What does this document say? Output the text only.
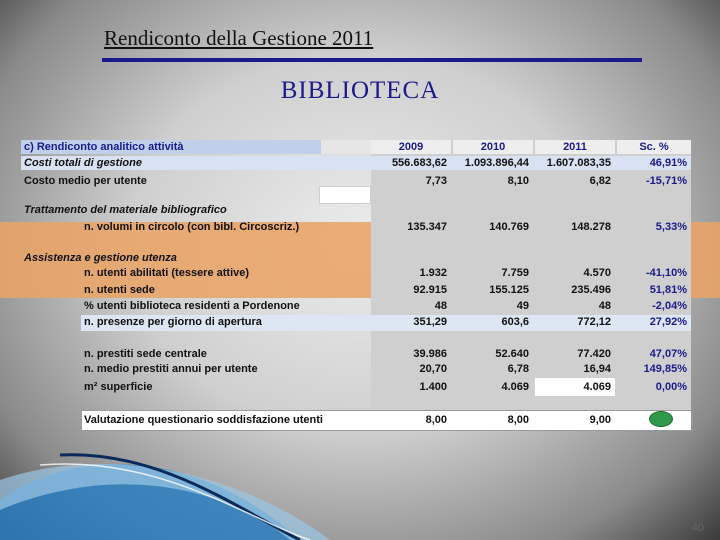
Rendiconto della Gestione 2011
BIBLIOTECA
c) Rendiconto analitico attività	2009	2010	2011	Sc. %
Costi totali di gestione	556.683,62	1.093.896,44	1.607.083,35	46,91%
Costo medio per utente	7,73	8,10	6,82	-15,71%
Trattamento del materiale bibliografico
n. volumi in circolo (con bibl. Circoscriz.)	135.347	140.769	148.278	5,33%
Assistenza e gestione utenza
n. utenti abilitati (tessere attive)	1.932	7.759	4.570	-41,10%
n. utenti sede	92.915	155.125	235.496	51,81%
% utenti biblioteca residenti a Pordenone	48	49	48	-2,04%
n. presenze per giorno di apertura	351,29	603,6	772,12	27,92%
n. prestiti sede centrale	39.986	52.640	77.420	47,07%
n. medio prestiti annui per utente	20,70	6,78	16,94	149,85%
m² superficie	1.400	4.069	4.069	0,00%
Valutazione questionario soddisfazione utenti	8,00	8,00	9,00
40
